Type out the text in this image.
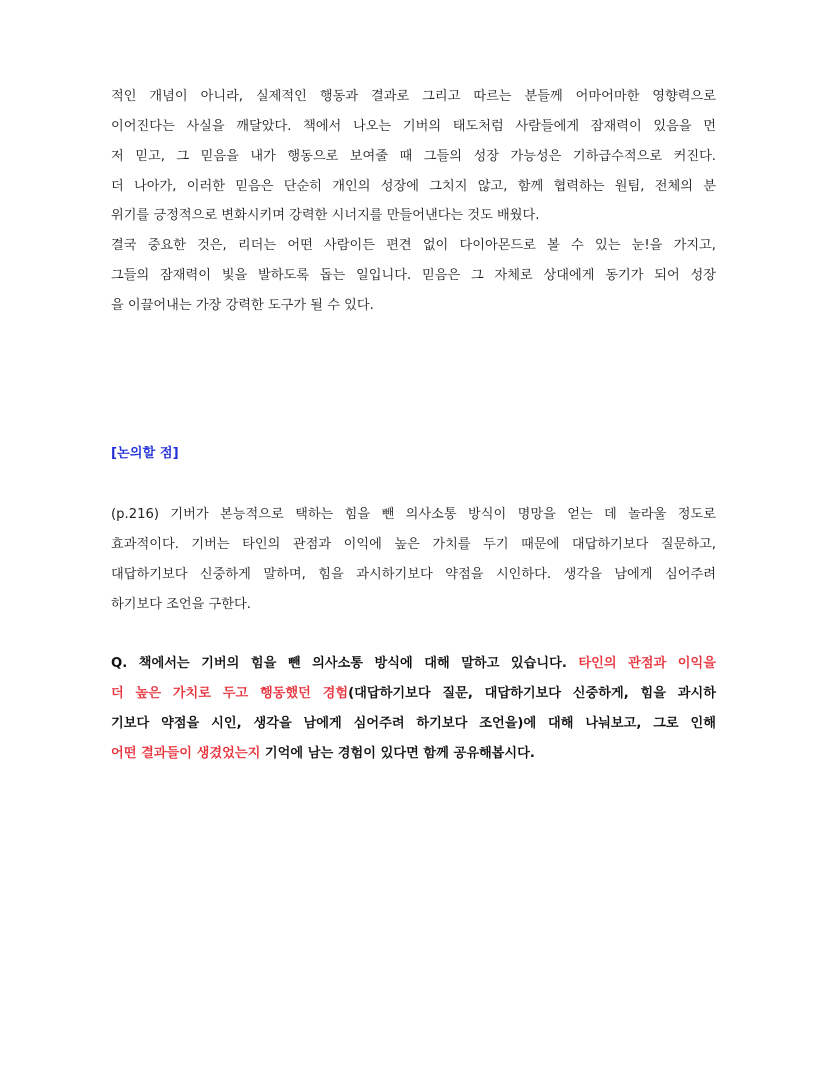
적인 개념이 아니라, 실제적인 행동과 결과로 그리고 따르는 분들께 어마어마한 영향력으로
이어진다는 사실을 깨달았다. 책에서 나오는 기버의 태도처럼 사람들에게 잠재력이 있음을 먼
저 믿고, 그 믿음을 내가 행동으로 보여줄 때 그들의 성장 가능성은 기하급수적으로 커진다.
더 나아가, 이러한 믿음은 단순히 개인의 성장에 그치지 않고, 함께 협력하는 원팀, 전체의 분
위기를 긍정적으로 변화시키며 강력한 시너지를 만들어낸다는 것도 배웠다.
결국 중요한 것은, 리더는 어떤 사람이든 편견 없이 다이아몬드로 볼 수 있는 눈!을 가지고,
그들의 잠재력이 빛을 발하도록 돕는 일입니다. 믿음은 그 자체로 상대에게 동기가 되어 성장
을 이끌어내는 가장 강력한 도구가 될 수 있다.
[논의할 점]
(p.216) 기버가 본능적으로 택하는 힘을 뺀 의사소통 방식이 명망을 얻는 데 놀라울 정도로
효과적이다. 기버는 타인의 관점과 이익에 높은 가치를 두기 때문에 대답하기보다 질문하고,
대답하기보다 신중하게 말하며, 힘을 과시하기보다 약점을 시인하다. 생각을 남에게 심어주려
하기보다 조언을 구한다.
Q. 책에서는 기버의 힘을 뺀 의사소통 방식에 대해 말하고 있습니다. 타인의 관점과 이익을
더 높은 가치로 두고 행동했던 경험(대답하기보다 질문, 대답하기보다 신중하게, 힘을 과시하
기보다 약점을 시인, 생각을 남에게 심어주려 하기보다 조언을)에 대해 나눠보고, 그로 인해
어떤 결과들이 생겼었는지 기억에 남는 경험이 있다면 함께 공유해봅시다.
